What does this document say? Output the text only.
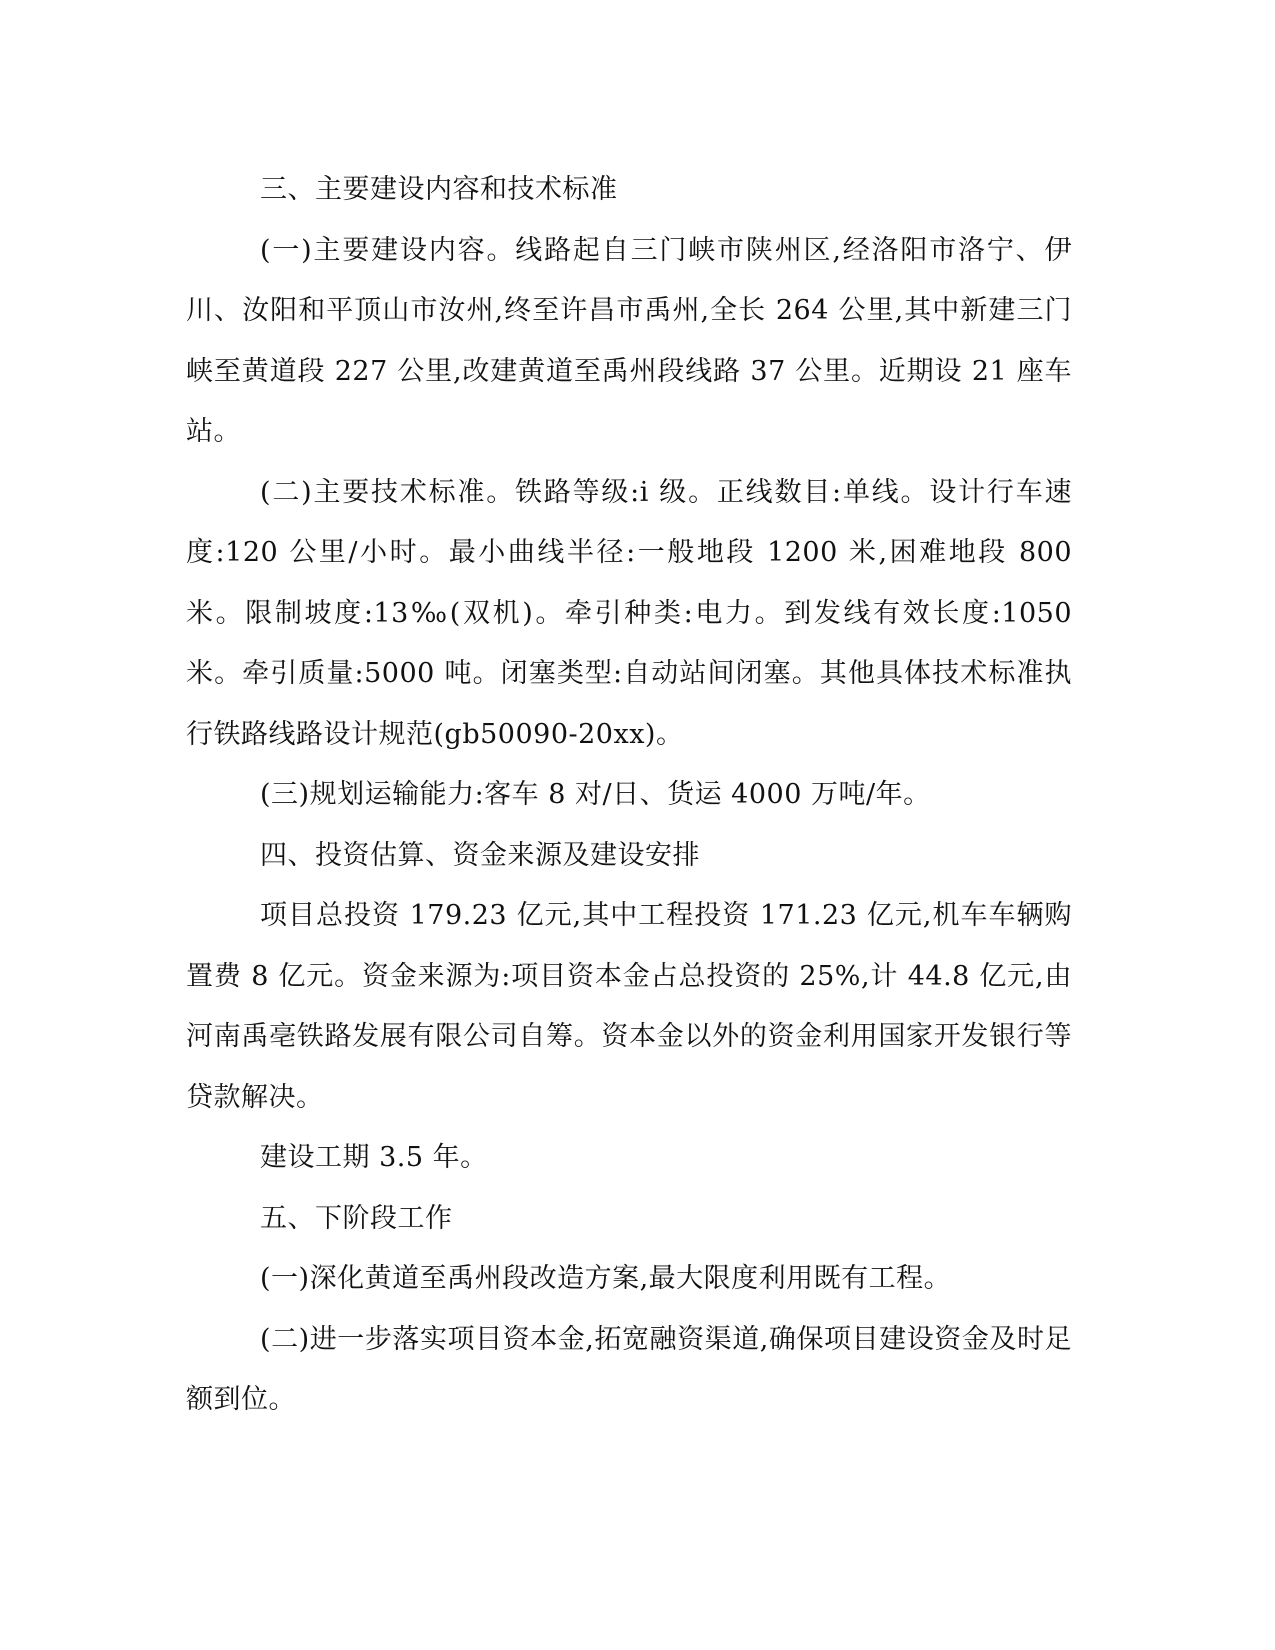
三、主要建设内容和技术标准

(一)主要建设内容。线路起自三门峡市陕州区,经洛阳市洛宁、伊川、汝阳和平顶山市汝州,终至许昌市禹州,全长 264 公里,其中新建三门峡至黄道段 227 公里,改建黄道至禹州段线路 37 公里。近期设 21 座车站。

(二)主要技术标准。铁路等级:i 级。正线数目:单线。设计行车速度:120 公里/小时。最小曲线半径:一般地段 1200 米,困难地段 800 米。限制坡度:13‰(双机)。牵引种类:电力。到发线有效长度:1050 米。牵引质量:5000 吨。闭塞类型:自动站间闭塞。其他具体技术标准执行铁路线路设计规范(gb50090-20xx)。

(三)规划运输能力:客车 8 对/日、货运 4000 万吨/年。

四、投资估算、资金来源及建设安排

项目总投资 179.23 亿元,其中工程投资 171.23 亿元,机车车辆购置费 8 亿元。资金来源为:项目资本金占总投资的 25%,计 44.8 亿元,由河南禹亳铁路发展有限公司自筹。资本金以外的资金利用国家开发银行等贷款解决。

建设工期 3.5 年。

五、下阶段工作

(一)深化黄道至禹州段改造方案,最大限度利用既有工程。

(二)进一步落实项目资本金,拓宽融资渠道,确保项目建设资金及时足额到位。
